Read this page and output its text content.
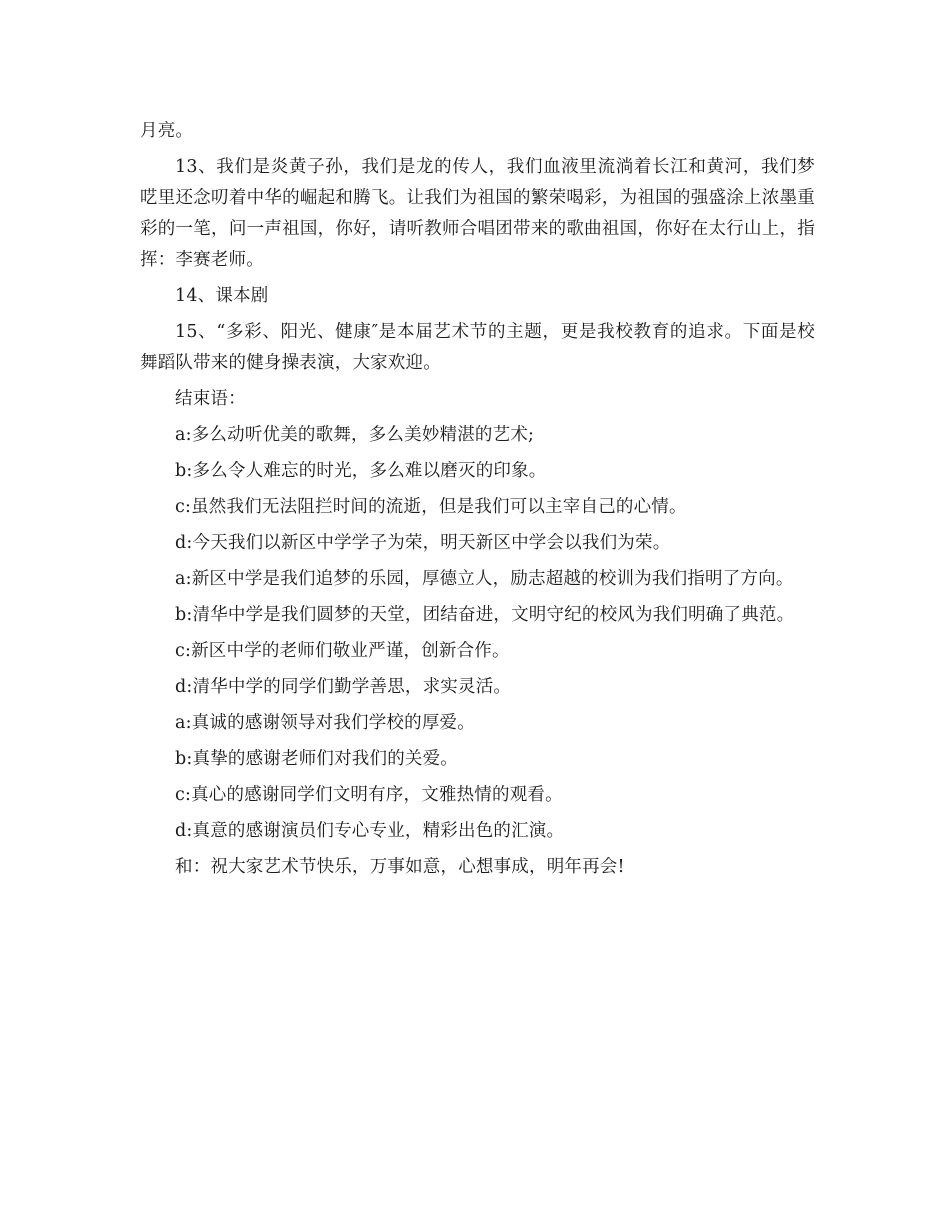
月亮。

13、我们是炎黄子孙，我们是龙的传人，我们血液里流淌着长江和黄河，我们梦呓里还念叨着中华的崛起和腾飞。让我们为祖国的繁荣喝彩，为祖国的强盛涂上浓墨重彩的一笔，问一声祖国，你好，请听教师合唱团带来的歌曲祖国，你好在太行山上，指挥：李赛老师。

14、课本剧

15、“多彩、阳光、健康″是本届艺术节的主题，更是我校教育的追求。下面是校舞蹈队带来的健身操表演，大家欢迎。

结束语：

a:多么动听优美的歌舞，多么美妙精湛的艺术;

b:多么令人难忘的时光，多么难以磨灭的印象。

c:虽然我们无法阻拦时间的流逝，但是我们可以主宰自己的心情。

d:今天我们以新区中学学子为荣，明天新区中学会以我们为荣。

a:新区中学是我们追梦的乐园，厚德立人，励志超越的校训为我们指明了方向。

b:清华中学是我们圆梦的天堂，团结奋进，文明守纪的校风为我们明确了典范。

c:新区中学的老师们敬业严谨，创新合作。

d:清华中学的同学们勤学善思，求实灵活。

a:真诚的感谢领导对我们学校的厚爱。

b:真挚的感谢老师们对我们的关爱。

c:真心的感谢同学们文明有序，文雅热情的观看。

d:真意的感谢演员们专心专业，精彩出色的汇演。

和：祝大家艺术节快乐，万事如意，心想事成，明年再会!
